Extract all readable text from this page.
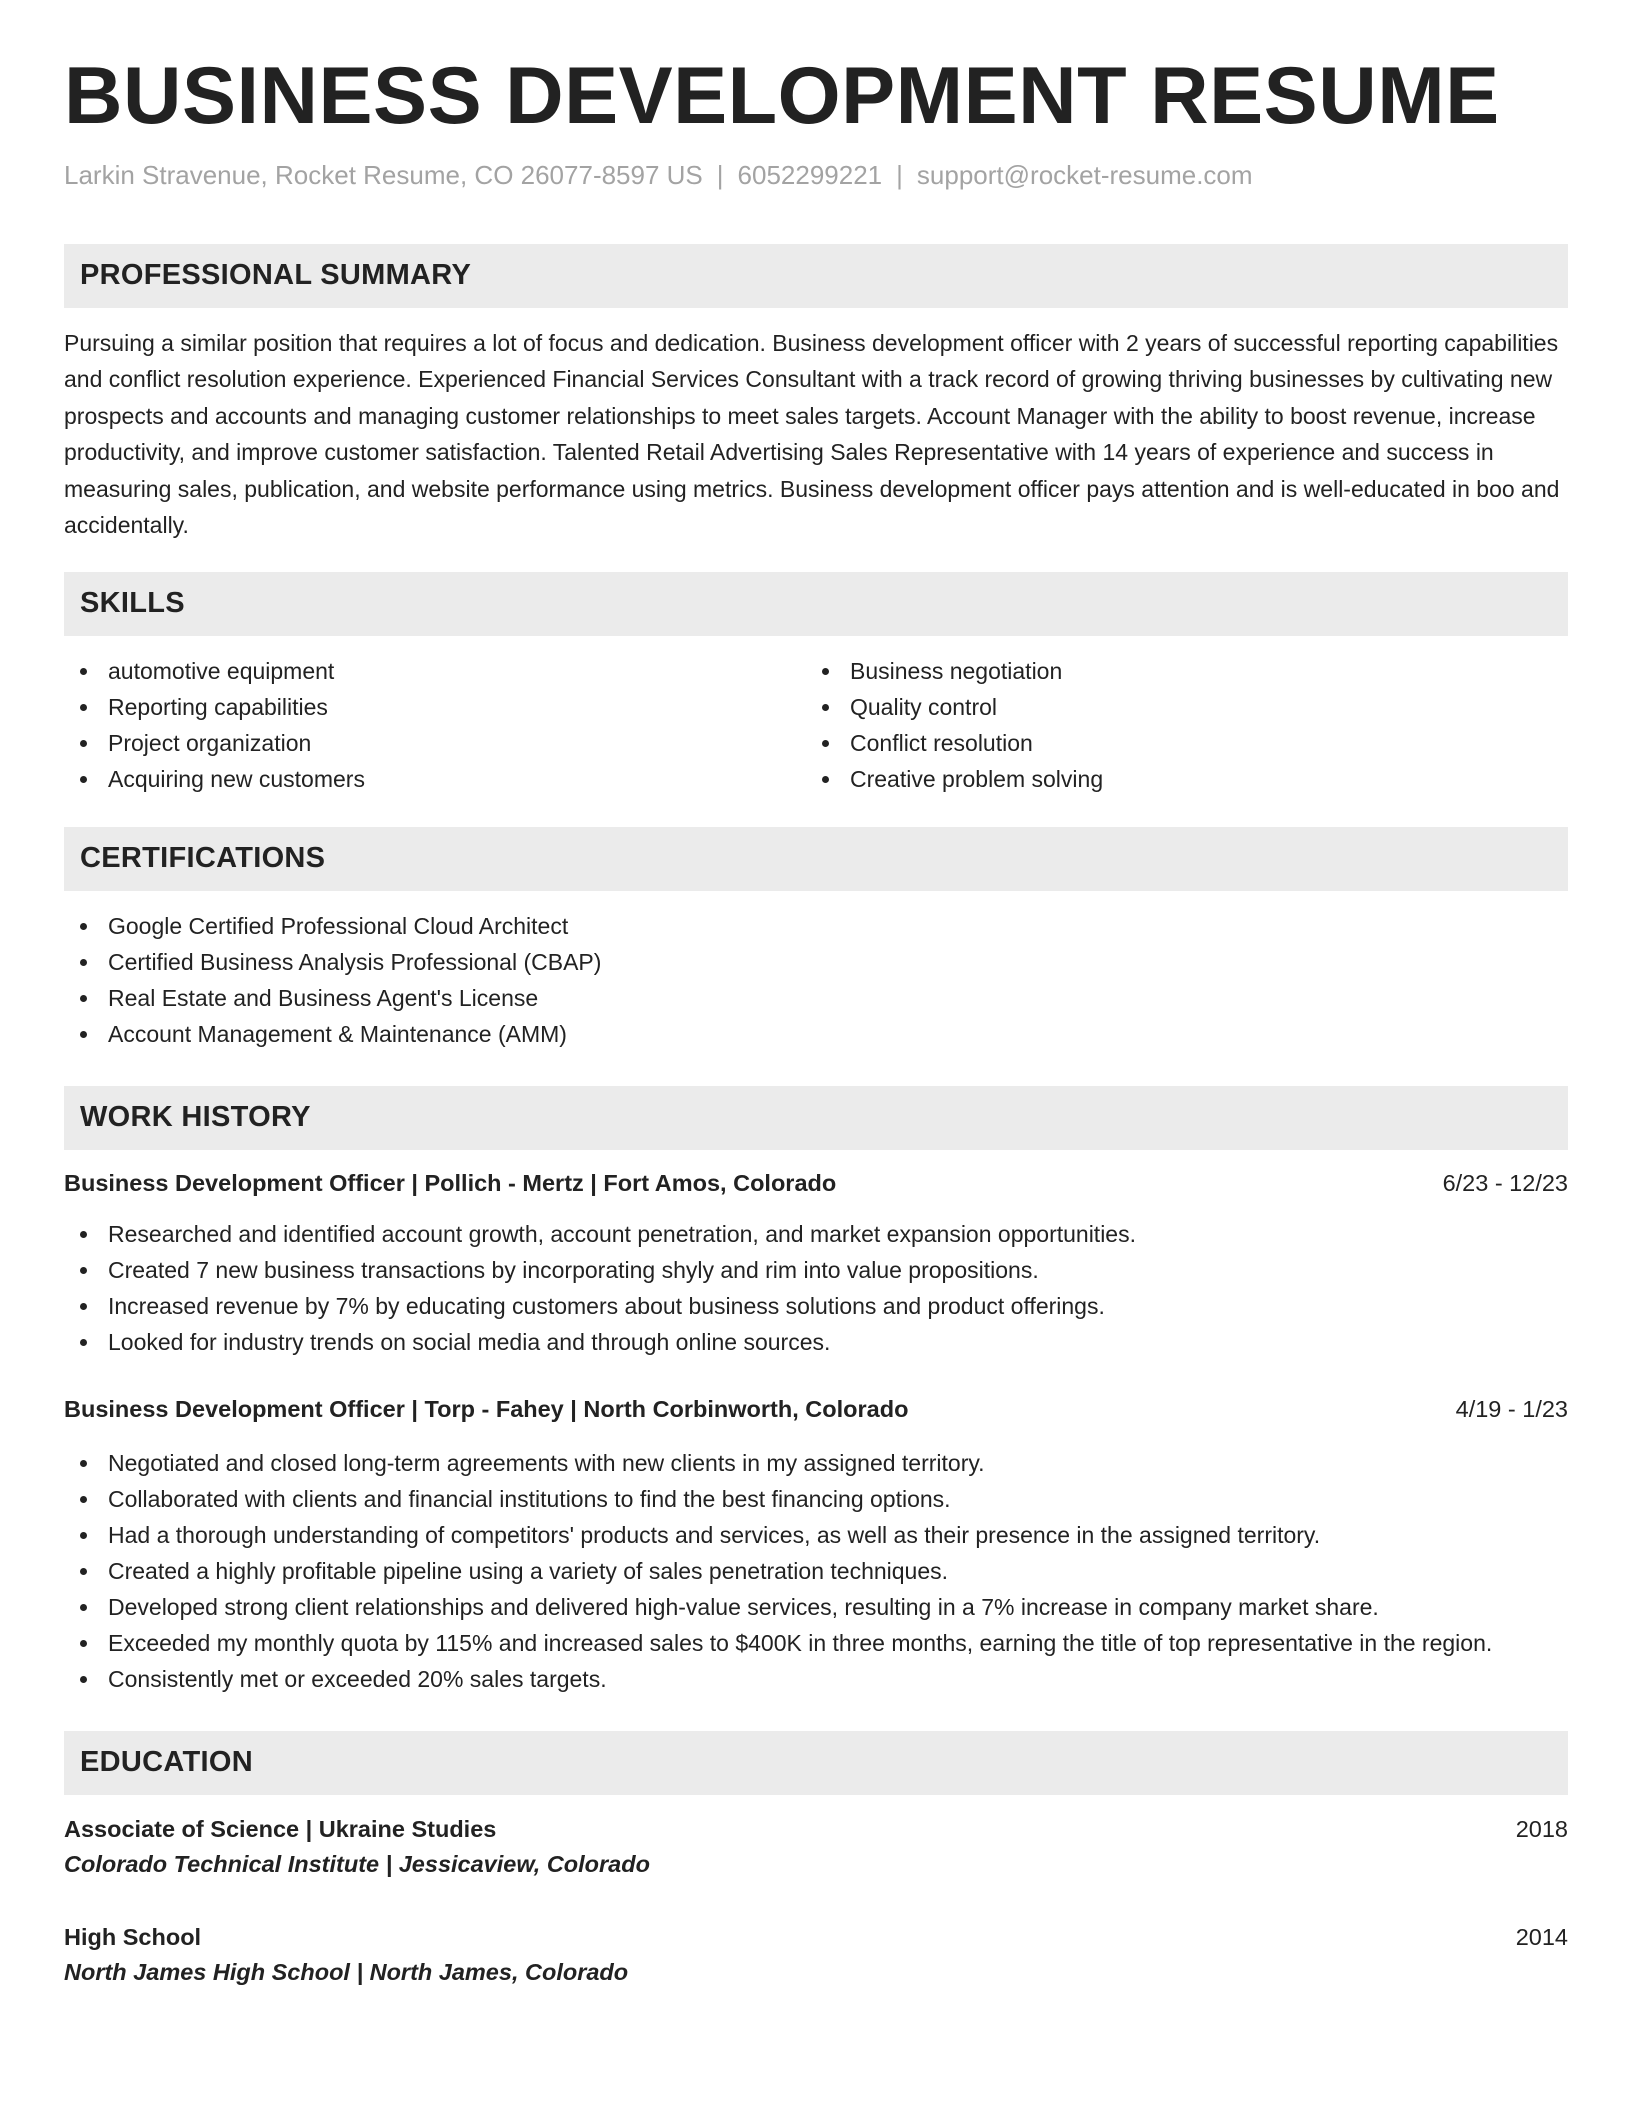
BUSINESS DEVELOPMENT RESUME
Larkin Stravenue, Rocket Resume, CO 26077-8597 US | 6052299221 | support@rocket-resume.com
PROFESSIONAL SUMMARY

Pursuing a similar position that requires a lot of focus and dedication. Business development officer with 2 years of successful reporting capabilities and conflict resolution experience. Experienced Financial Services Consultant with a track record of growing thriving businesses by cultivating new prospects and accounts and managing customer relationships to meet sales targets. Account Manager with the ability to boost revenue, increase productivity, and improve customer satisfaction. Talented Retail Advertising Sales Representative with 14 years of experience and success in measuring sales, publication, and website performance using metrics. Business development officer pays attention and is well-educated in boo and accidentally.

SKILLS
automotive equipment
Reporting capabilities
Project organization
Acquiring new customers
Business negotiation
Quality control
Conflict resolution
Creative problem solving
CERTIFICATIONS
Google Certified Professional Cloud Architect
Certified Business Analysis Professional (CBAP)
Real Estate and Business Agent's License
Account Management & Maintenance (AMM)
WORK HISTORY
Business Development Officer | Pollich - Mertz | Fort Amos, Colorado	6/23 - 12/23
Researched and identified account growth, account penetration, and market expansion opportunities.
Created 7 new business transactions by incorporating shyly and rim into value propositions.
Increased revenue by 7% by educating customers about business solutions and product offerings.
Looked for industry trends on social media and through online sources.
Business Development Officer | Torp - Fahey | North Corbinworth, Colorado	4/19 - 1/23
Negotiated and closed long-term agreements with new clients in my assigned territory.
Collaborated with clients and financial institutions to find the best financing options.
Had a thorough understanding of competitors' products and services, as well as their presence in the assigned territory.
Created a highly profitable pipeline using a variety of sales penetration techniques.
Developed strong client relationships and delivered high-value services, resulting in a 7% increase in company market share.
Exceeded my monthly quota by 115% and increased sales to $400K in three months, earning the title of top representative in the region.
Consistently met or exceeded 20% sales targets.
EDUCATION
Associate of Science | Ukraine Studies	2018
Colorado Technical Institute | Jessicaview, Colorado
High School	2014
North James High School | North James, Colorado
